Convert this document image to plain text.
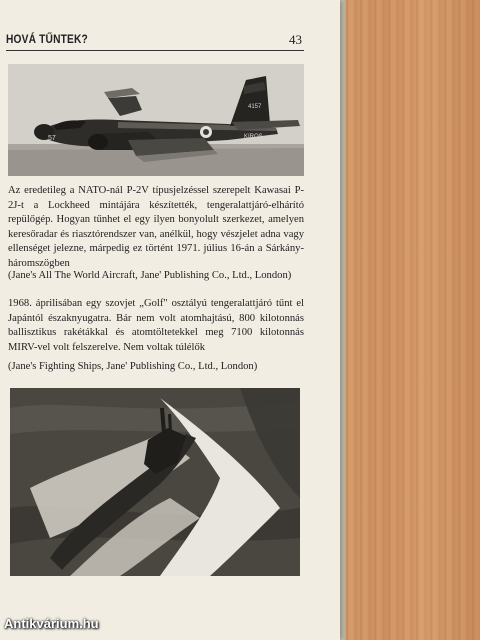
HOVÁ TŰNTEK?	43
4157
KIROS
57
Az eredetileg a NATO-nál P-2V típusjelzéssel szerepelt Kawasai P-2J-t a Lockheed mintájára készítették, tengeralattjáró-elhárító repülőgép. Hogyan tűnhet el egy ilyen bonyolult szerkezet, amelyen keresőradar és riasztórendszer van, anélkül, hogy vészjelet adna vagy ellenséget jelezne, márpedig ez történt 1971. július 16-án a Sárkány-háromszögben
(Jane's All The World Aircraft, Jane' Publishing Co., Ltd., London)
1968. áprilisában egy szovjet „Golf" osztályú tengeralattjáró tűnt el Japántól északnyugatra. Bár nem volt atomhajtású, 800 kilotonnás ballisztikus rakétákkal és atomtöltetekkel meg 7100 kilotonnás MIRV-vel volt felszerelve. Nem voltak túlélők
(Jane's Fighting Ships, Jane' Publishing Co., Ltd., London)
Antikvárium.hu
